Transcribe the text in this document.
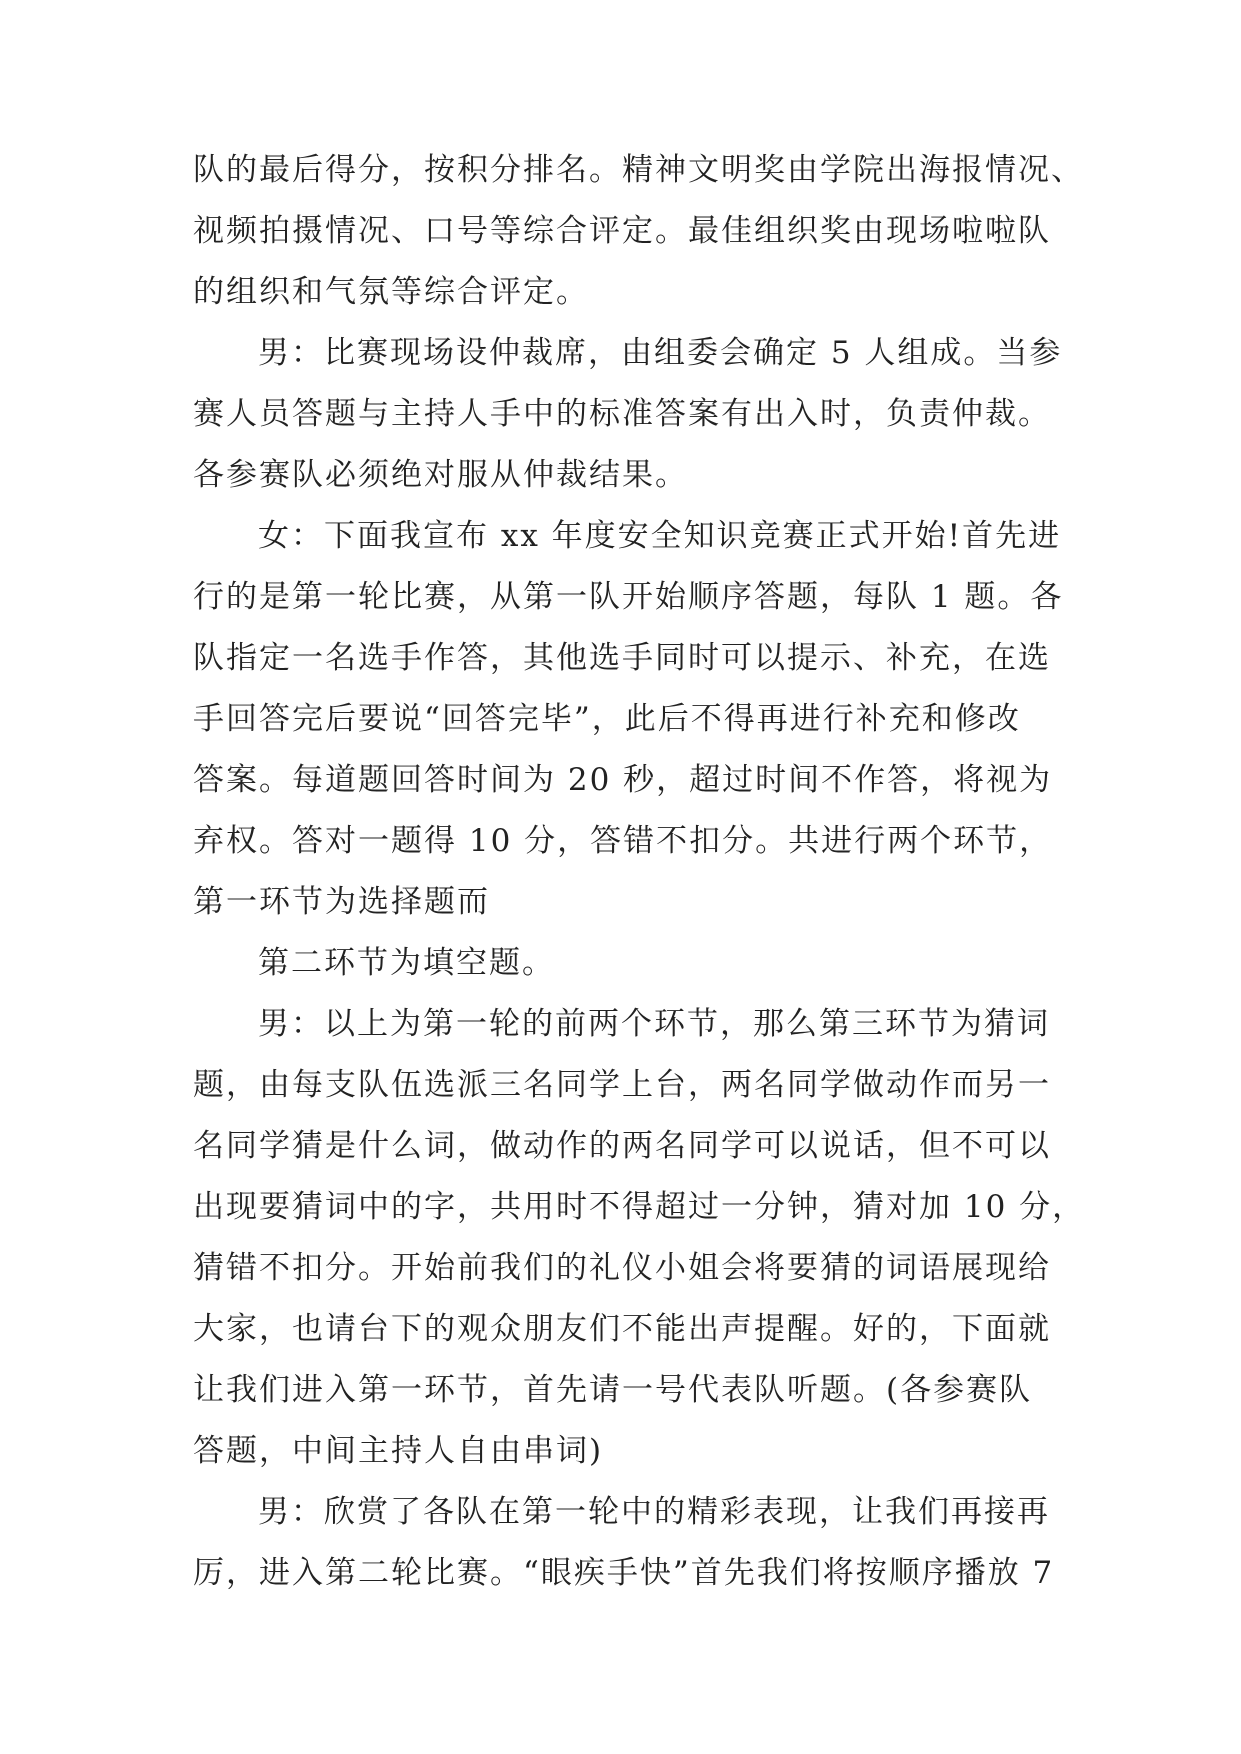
队的最后得分，按积分排名。精神文明奖由学院出海报情况、
视频拍摄情况、口号等综合评定。最佳组织奖由现场啦啦队
的组织和气氛等综合评定。
男：比赛现场设仲裁席，由组委会确定 5 人组成。当参
赛人员答题与主持人手中的标准答案有出入时，负责仲裁。
各参赛队必须绝对服从仲裁结果。
女：下面我宣布 xx 年度安全知识竞赛正式开始!首先进
行的是第一轮比赛，从第一队开始顺序答题，每队 1 题。各
队指定一名选手作答，其他选手同时可以提示、补充，在选
手回答完后要说“回答完毕”，此后不得再进行补充和修改
答案。每道题回答时间为 20 秒，超过时间不作答，将视为
弃权。答对一题得 10 分，答错不扣分。共进行两个环节，
第一环节为选择题而
第二环节为填空题。
男：以上为第一轮的前两个环节，那么第三环节为猜词
题，由每支队伍选派三名同学上台，两名同学做动作而另一
名同学猜是什么词，做动作的两名同学可以说话，但不可以
出现要猜词中的字，共用时不得超过一分钟，猜对加 10 分，
猜错不扣分。开始前我们的礼仪小姐会将要猜的词语展现给
大家，也请台下的观众朋友们不能出声提醒。好的，下面就
让我们进入第一环节，首先请一号代表队听题。(各参赛队
答题，中间主持人自由串词)
男：欣赏了各队在第一轮中的精彩表现，让我们再接再
厉，进入第二轮比赛。“眼疾手快”首先我们将按顺序播放 7
